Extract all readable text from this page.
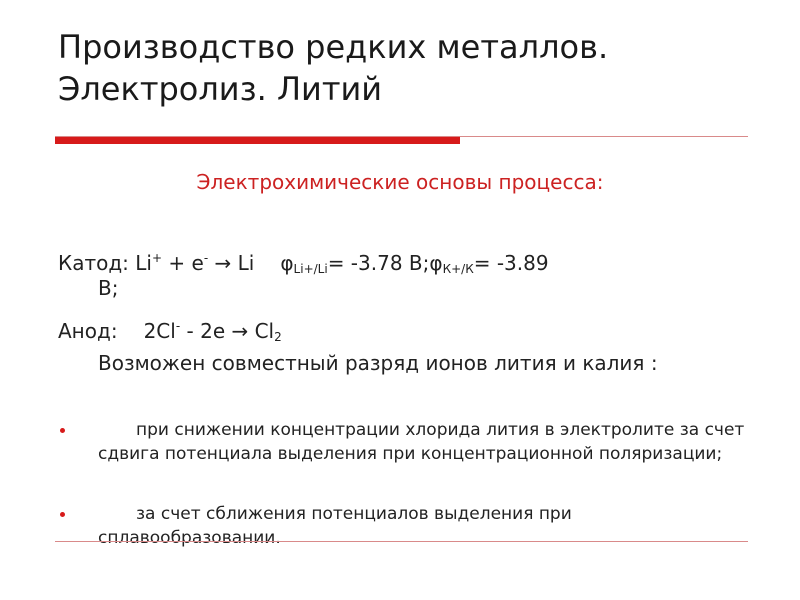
Производство редких металлов.
Электролиз. Литий
Электрохимические основы процесса:
Катод: Li+ + e- → Li $\varphi_{Li+/Li}= -3.78$ $В;\varphi_{К+/К}= -3.89$
В;
Анод: $2Cl^- - 2e \to Cl_2$
Возможен совместный разряд ионов лития и калия :
при снижении концентрации хлорида лития в электролите за счет сдвига потенциала выделения при концентрационной поляризации;
за счет сближения потенциалов выделения при сплавообразовании.
